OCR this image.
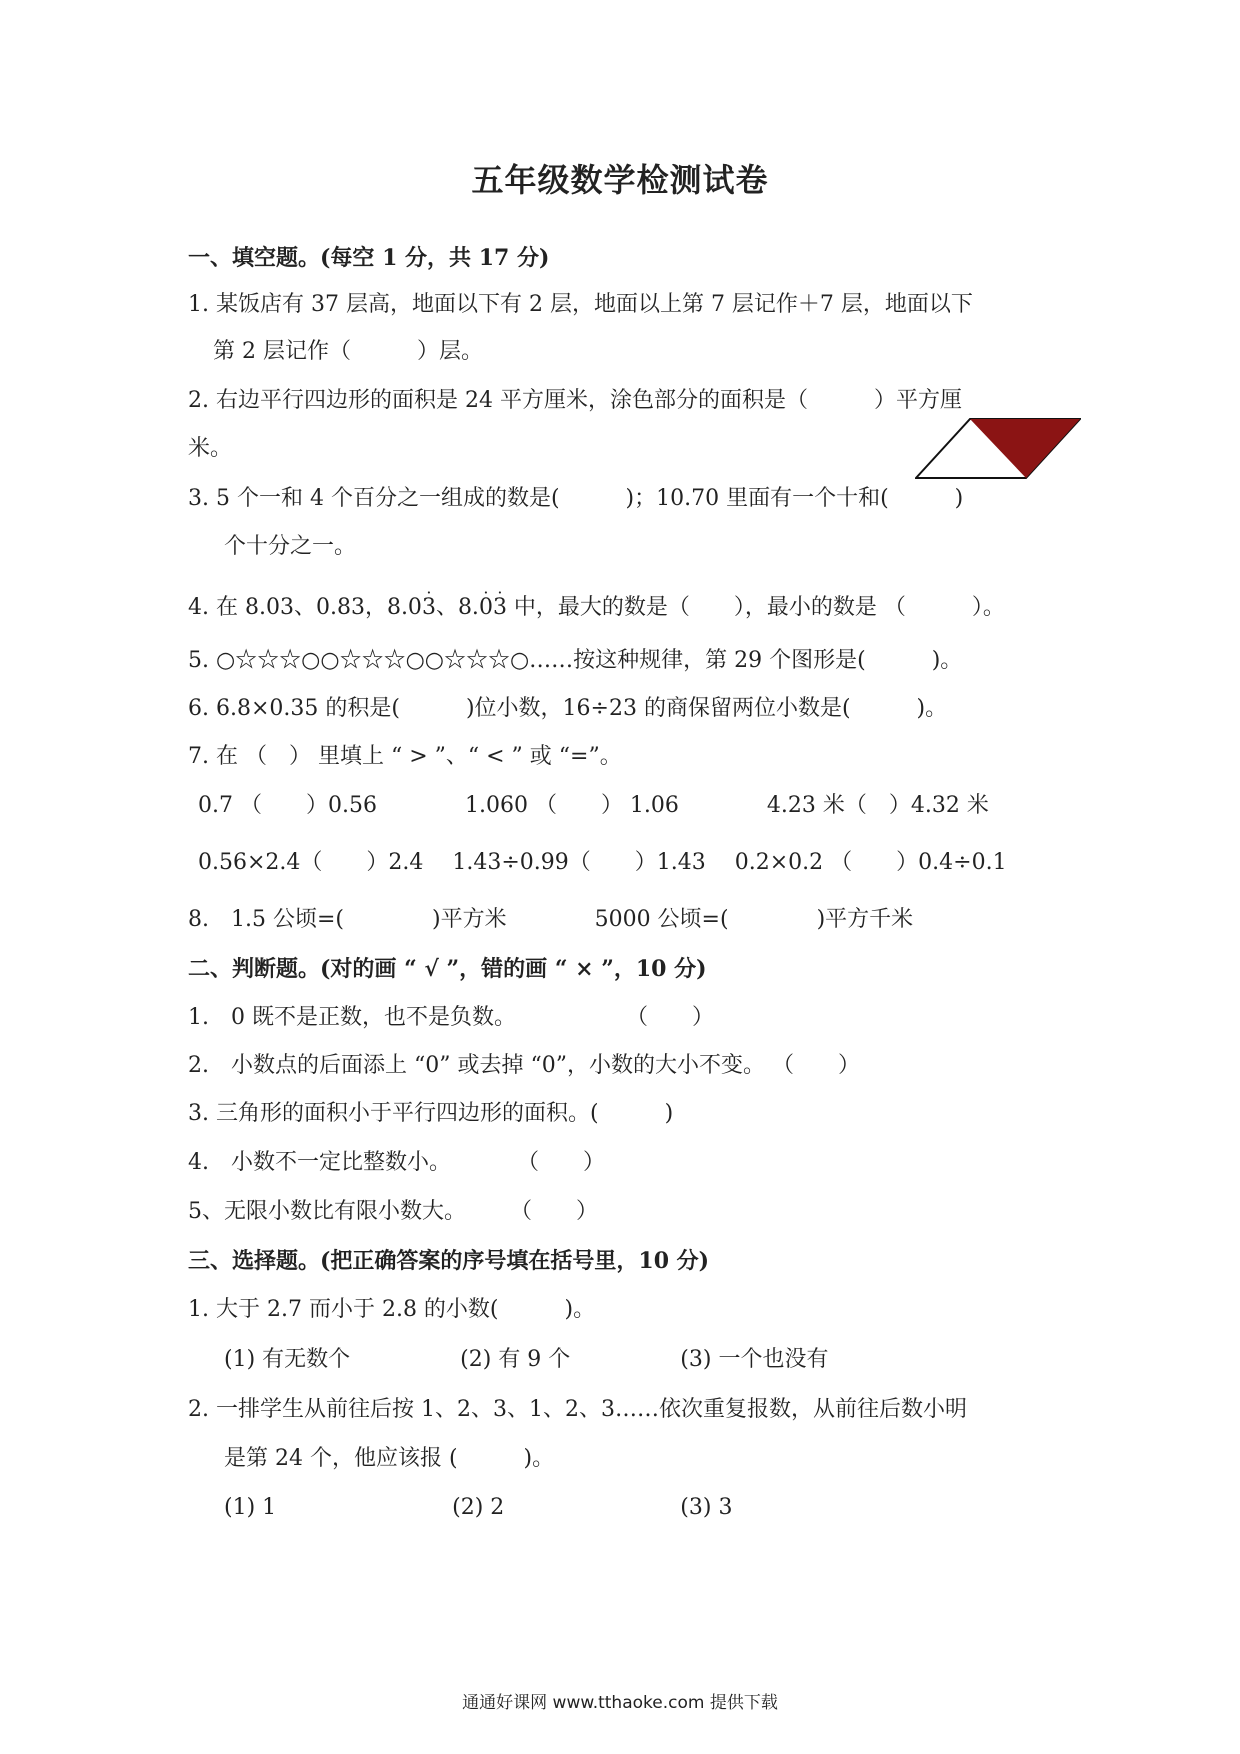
五年级数学检测试卷
一、填空题。(每空 1 分，共 17 分)
1. 某饭店有 37 层高，地面以下有 2 层，地面以上第 7 层记作＋7 层，地面以下
第 2 层记作（　　　）层。
2. 右边平行四边形的面积是 24 平方厘米，涂色部分的面积是（　　　）平方厘
米。
3. 5 个一和 4 个百分之一组成的数是(　　　)；10.70 里面有一个十和(　　　)
个十分之一。
4. 在 8.03、0.83，8.03 ·、8.0 ·3 · 中，最大的数是（　　），最小的数是 （　　　）。
5. ○☆☆☆○○☆☆☆○○☆☆☆○……按这种规律，第 29 个图形是(　　　)。
6. 6.8×0.35 的积是(　　　)位小数，16÷23 的商保留两位小数是(　　　)。
7. 在 （　） 里填上 “ > ”、“ < ” 或 “=”。
0.7 （　　）0.56　　　　1.060 （　　） 1.06　　　　4.23 米（　）4.32 米
0.56×2.4（　　）2.4　 1.43÷0.99（　　）1.43　 0.2×0.2 （　　）0.4÷0.1
8.　1.5 公顷=(　　　　)平方米　　　　5000 公顷=(　　　　)平方千米
二、判断题。(对的画 “ √ ”，错的画 “ × ”，10 分)
1.　0 既不是正数，也不是负数。　　　　　　（　　）
2.　小数点的后面添上 “0” 或去掉 “0”，小数的大小不变。 （　　）
3. 三角形的面积小于平行四边形的面积。(　　　)
4.　小数不一定比整数小。　　　　（　　）
5、无限小数比有限小数大。　　　（　　）
三、选择题。(把正确答案的序号填在括号里，10 分)
1. 大于 2.7 而小于 2.8 的小数(　　　)。
(1) 有无数个　　　　　(2) 有 9 个　　　　　(3) 一个也没有
2. 一排学生从前往后按 1、2、3、1、2、3……依次重复报数，从前往后数小明
是第 24 个，他应该报 (　　　)。
(1) 1　　　　　　　　(2) 2　　　　　　　　(3) 3
通通好课网 www.tthaoke.com 提供下载
